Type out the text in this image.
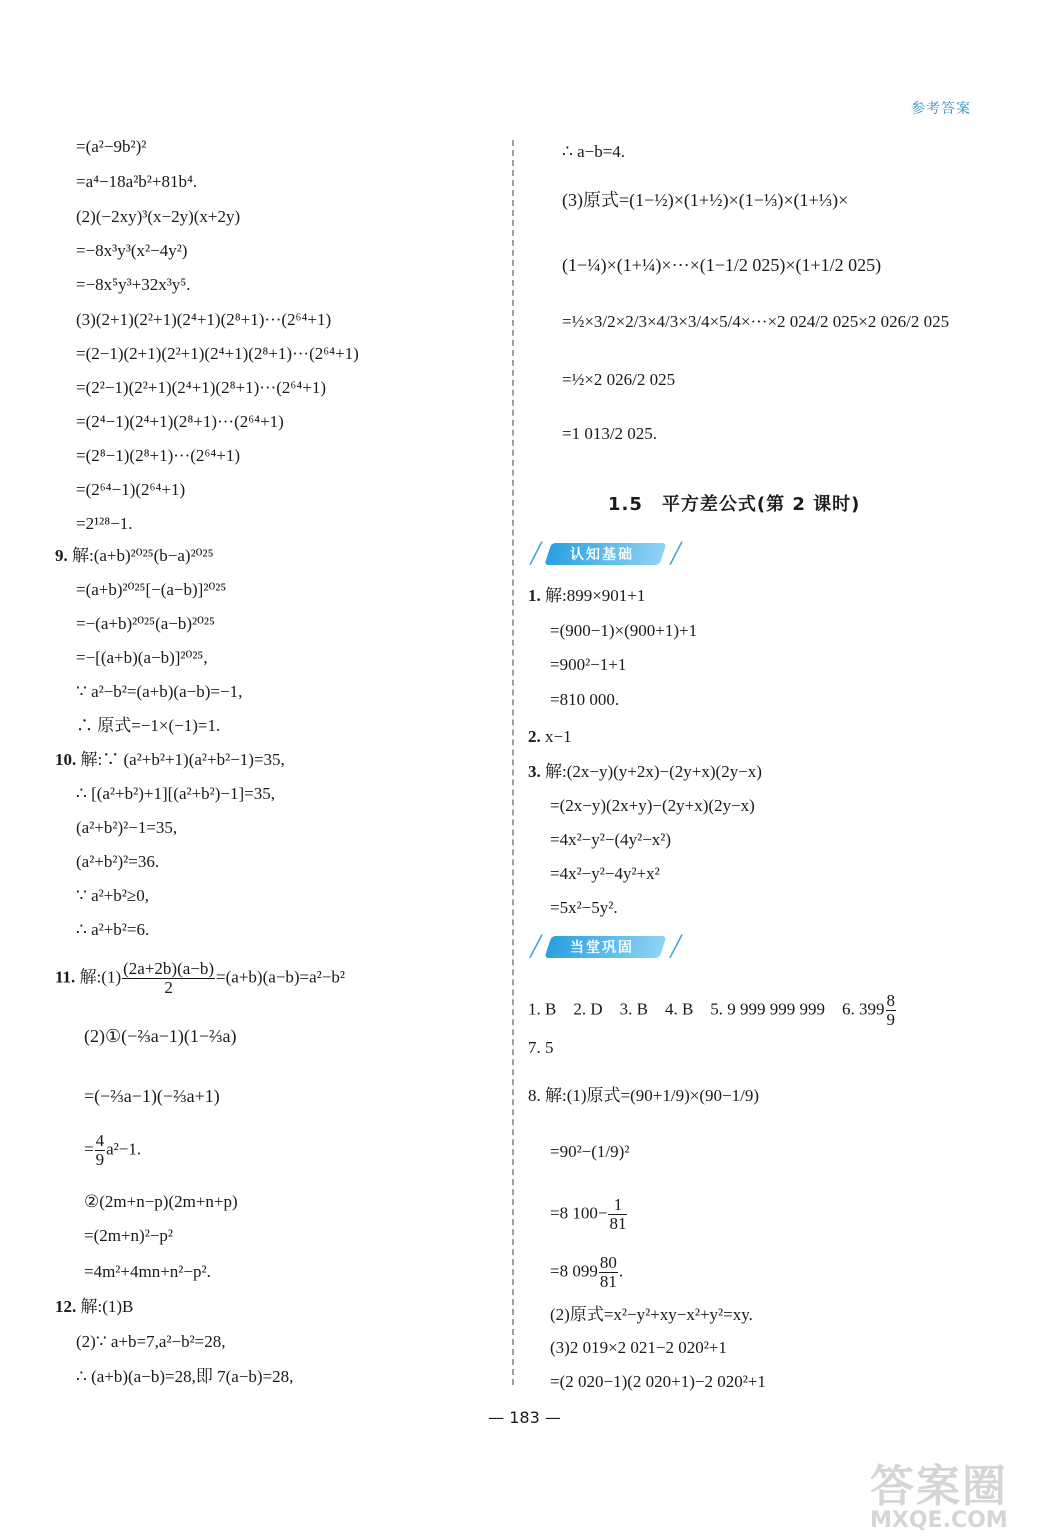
参考答案
11. 解:(1) $\frac{(2a+2b)(a-b)}{2} =(a+b)(a-b)=a^2-b^2$
(2)①(−⅔a−1)(1−⅔a)
=(−⅔a−1)(−⅔a+1)
= $\frac{4}{9} a^2-1$.
②(2m+n−p)(2m+n+p)
=(2m+n)²−p²
=4m²+4mn+n²−p².
12. 解:(1)B
(2)∵ a+b=7,a²−b²=28,
∴ (a+b)(a−b)=28,即 7(a−b)=28,
∴ a−b=4.
(3)原式=(1−½)×(1+½)×(1−⅓)×(1+⅓)×
(1−¼)×(1+¼)×···×(1−1/2 025)×(1+1/2 025)
=½×3/2×2/3×4/3×3/4×5/4×···×2 024/2 025×2 026/2 025
=½×2 026/2 025
=1 013/2 025.
1.5　平方差公式(第 2 课时)
╱ 认知基础 ╱
╱ 当堂巩固 ╱
1. B　2. D　3. B　4. B　5. 9 999 999 999　6. $399 \frac{8}{9}$
7. 5
8. 解:(1)原式=(90+1/9)×(90−1/9)
=90²−(1/9)²
=8 $100- \frac{1}{81}$
=8 $099 \frac{80}{81}$ .
(2)原式=x²−y²+xy−x²+y²=xy.
(3)2 019×2 021−2 020²+1
=(2 020−1)(2 020+1)−2 020²+1
— 183 —
答案圈
MXQE.COM
=(a²−9b²)²
=a⁴−18a²b²+81b⁴.
(2)(−2xy)³(x−2y)(x+2y)
=−8x³y³(x²−4y²)
=−8x⁵y³+32x³y⁵.
(3)(2+1)(2²+1)(2⁴+1)(2⁸+1)···(2⁶⁴+1)
=(2−1)(2+1)(2²+1)(2⁴+1)(2⁸+1)···(2⁶⁴+1)
=(2²−1)(2²+1)(2⁴+1)(2⁸+1)···(2⁶⁴+1)
=(2⁴−1)(2⁴+1)(2⁸+1)···(2⁶⁴+1)
=(2⁸−1)(2⁸+1)···(2⁶⁴+1)
=(2⁶⁴−1)(2⁶⁴+1)
=2¹²⁸−1.
9. 解:(a+b)²⁰²⁵(b−a)²⁰²⁵
=(a+b)²⁰²⁵[−(a−b)]²⁰²⁵
=−(a+b)²⁰²⁵(a−b)²⁰²⁵
=−[(a+b)(a−b)]²⁰²⁵,
∵ a²−b²=(a+b)(a−b)=−1,
∴ 原式=−1×(−1)=1.
10. 解:∵ (a²+b²+1)(a²+b²−1)=35,
∴ [(a²+b²)+1][(a²+b²)−1]=35,
(a²+b²)²−1=35,
(a²+b²)²=36.
∵ a²+b²≥0,
∴ a²+b²=6.
1. 解:899×901+1
=(900−1)×(900+1)+1
=900²−1+1
=810 000.
2. x−1
3. 解:(2x−y)(y+2x)−(2y+x)(2y−x)
=(2x−y)(2x+y)−(2y+x)(2y−x)
=4x²−y²−(4y²−x²)
=4x²−y²−4y²+x²
=5x²−5y².
